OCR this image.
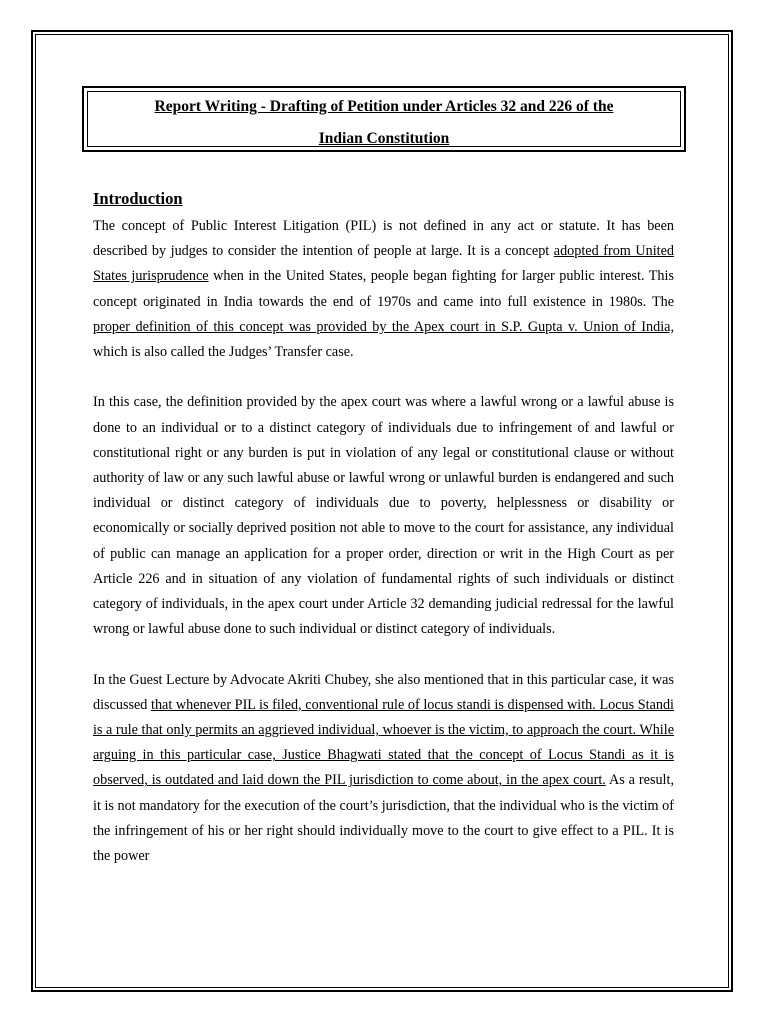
Report Writing - Drafting of Petition under Articles 32 and 226 of the
Indian Constitution
Introduction

The concept of Public Interest Litigation (PIL) is not defined in any act or statute. It has been described by judges to consider the intention of people at large. It is a concept adopted from United States jurisprudence when in the United States, people began fighting for larger public interest. This concept originated in India towards the end of 1970s and came into full existence in 1980s. The proper definition of this concept was provided by the Apex court in S.P. Gupta v. Union of India, which is also called the Judges’ Transfer case.

In this case, the definition provided by the apex court was where a lawful wrong or a lawful abuse is done to an individual or to a distinct category of individuals due to infringement of and lawful or constitutional right or any burden is put in violation of any legal or constitutional clause or without authority of law or any such lawful abuse or lawful wrong or unlawful burden is endangered and such individual or distinct category of individuals due to poverty, helplessness or disability or economically or socially deprived position not able to move to the court for assistance, any individual of public can manage an application for a proper order, direction or writ in the High Court as per Article 226 and in situation of any violation of fundamental rights of such individuals or distinct category of individuals, in the apex court under Article 32 demanding judicial redressal for the lawful wrong or lawful abuse done to such individual or distinct category of individuals.

In the Guest Lecture by Advocate Akriti Chubey, she also mentioned that in this particular case, it was discussed that whenever PIL is filed, conventional rule of locus standi is dispensed with. Locus Standi is a rule that only permits an aggrieved individual, whoever is the victim, to approach the court. While arguing in this particular case, Justice Bhagwati stated that the concept of Locus Standi as it is observed, is outdated and laid down the PIL jurisdiction to come about, in the apex court. As a result, it is not mandatory for the execution of the court’s jurisdiction, that the individual who is the victim of the infringement of his or her right should individually move to the court to give effect to a PIL. It is the power
